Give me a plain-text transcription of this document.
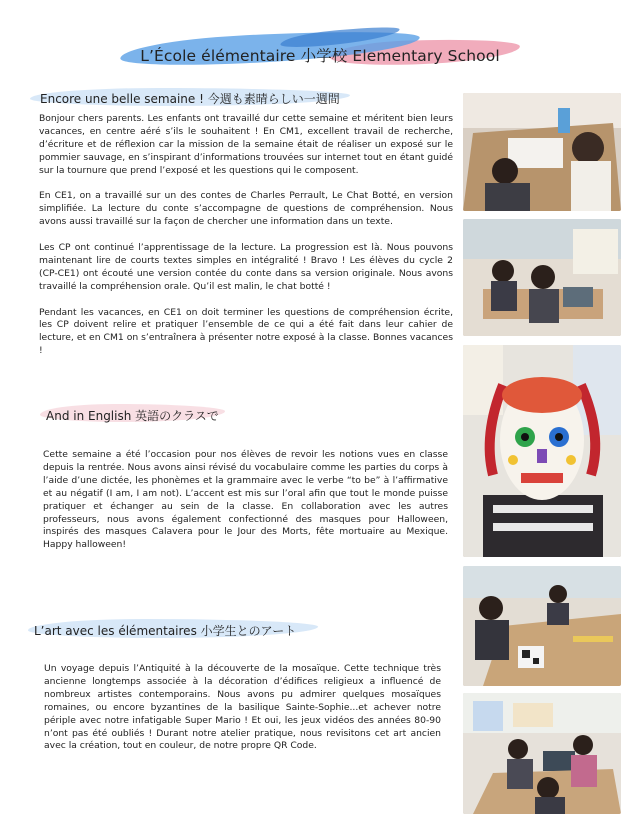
L’École élémentaire 小学校 Elementary School
Encore une belle semaine ! 今週も素晴らしい一週間

Bonjour chers parents. Les enfants ont travaillé dur cette semaine et méritent bien leurs vacances, en centre aéré s’ils le souhaitent ! En CM1, excellent travail de recherche, d’écriture et de réflexion car la mission de la semaine était de réaliser un exposé sur le pommier sauvage, en s’inspirant d’informations trouvées sur internet tout en étant guidé sur la tournure que prend l’exposé et les questions qui le composent.

En CE1, on a travaillé sur un des contes de Charles Perrault, Le Chat Botté, en version simplifiée. La lecture du conte s’accompagne de questions de compréhension. Nous avons aussi travaillé sur la façon de chercher une information dans un texte.

Les CP ont continué l’apprentissage de la lecture. La progression est là. Nous pouvons maintenant lire de courts textes simples en intégralité ! Bravo ! Les élèves du cycle 2 (CP-CE1) ont écouté une version contée du conte dans sa version originale. Nous avons travaillé la compréhension orale. Qu’il est malin, le chat botté !

Pendant les vacances, en CE1 on doit terminer les questions de compréhension écrite, les CP doivent relire et pratiquer l’ensemble de ce qui a été fait dans leur cahier de lecture, et en CM1 on s’entraînera à présenter notre exposé à la classe. Bonnes vacances !

And in English 英語のクラスで

Cette semaine a été l’occasion pour nos élèves de revoir les notions vues en classe depuis la rentrée. Nous avons ainsi révisé du vocabulaire comme les parties du corps à l’aide d’une dictée, les phonèmes et la grammaire avec le verbe “to be” à l’affirmative et au négatif (I am, I am not). L’accent est mis sur l’oral afin que tout le monde puisse pratiquer et échanger au sein de la classe. En collaboration avec les autres professeurs, nous avons également confectionné des masques pour Halloween, inspirés des masques Calavera pour le Jour des Morts, fête mortuaire au Mexique. Happy halloween!

L’art avec les élémentaires 小学生とのアート

Un voyage depuis l’Antiquité à la découverte de la mosaïque. Cette technique très ancienne longtemps associée à la décoration d’édifices religieux a influencé de nombreux artistes contemporains. Nous avons pu admirer quelques mosaïques romaines, ou encore byzantines de la basilique Sainte-Sophie...et achever notre périple avec notre infatigable Super Mario ! Et oui, les jeux vidéos des années 80-90 n’ont pas été oubliés ! Durant notre atelier pratique, nous revisitons cet art ancien avec la création, tout en couleur, de notre propre QR Code.
